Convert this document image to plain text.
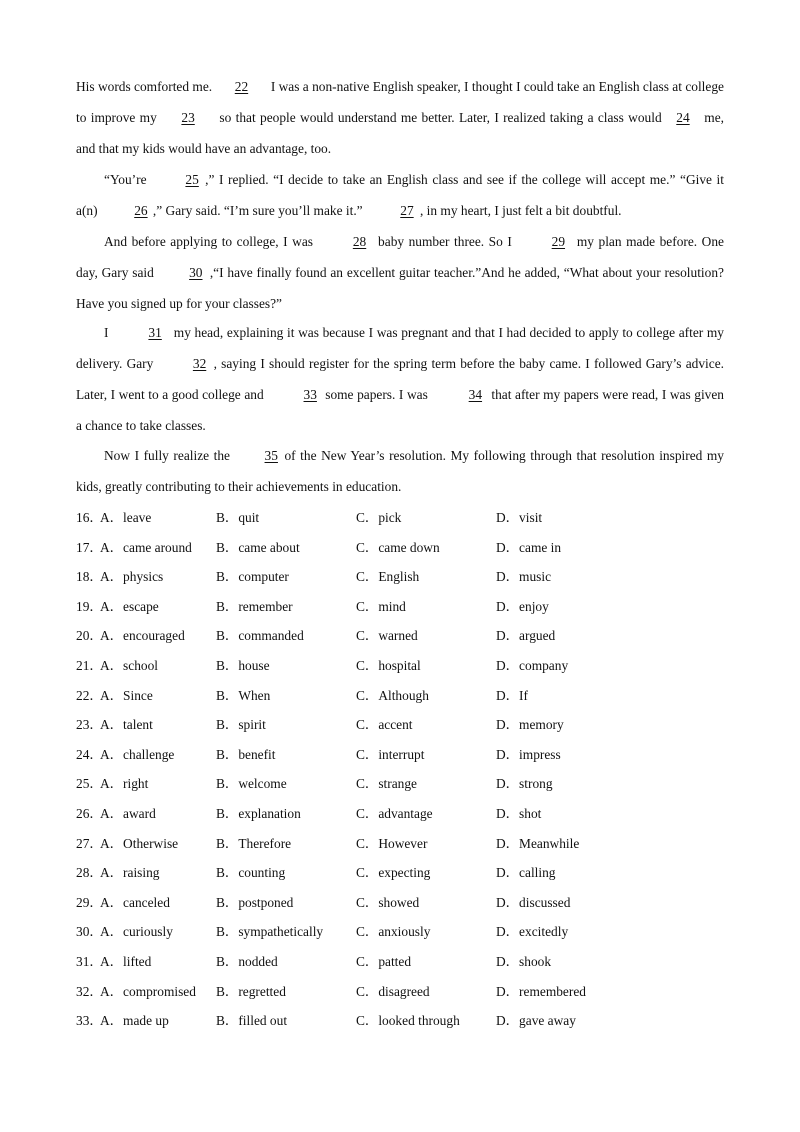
His words comforted me. 22 I was a non-native English speaker, I thought I could take an English class at college to improve my 23 so that people would understand me better. Later, I realized taking a class would 24 me, and that my kids would have an advantage, too.

“You’re	25 ,” I replied. “I decide to take an English class and see if the college will accept me.” “Give it a(n) 26 ,” Gary said. “I’m sure you’ll make it.”	27 , in my heart, I just felt a bit doubtful.

And before applying to college, I was	28 baby number three. So I	29 my plan made before. One day, Gary said	30 ,“I have finally found an excellent guitar teacher.”And he added, “What about your resolution? Have you signed up for your classes?”

I	31 my head, explaining it was because I was pregnant and that I had decided to apply to college after my delivery. Gary	32 , saying I should register for the spring term before the baby came. I followed Gary’s advice. Later, I went to a good college and	33 some papers. I was	34 that after my papers were read, I was given a chance to take classes.

Now I fully realize the 35 of the New Year’s resolution. My following through that resolution inspired my kids, greatly contributing to their achievements in education.

16．
A．leave	B．quit	C．pick	D．visit
17．
A．came around B．came about	C．came down	D．came in
18．
A．physics	B．computer	C．English	D．music
19．
A．escape	B．remember	C．mind	D．enjoy
20．
A．encouraged B．commanded	C．warned	D．argued
21．
A．school	B．house	C．hospital	D．company
22．
A．Since	B．When	C．Although	D．If
23．
A．talent	B．spirit	C．accent	D．memory
24．
A．challenge	B．benefit	C．interrupt	D．impress
25．
A．right	B．welcome	C．strange	D．strong
26．
A．award	B．explanation	C．advantage	D．shot
27．
A．Otherwise	B．Therefore	C．However	D．Meanwhile
28．
A．raising	B．counting	C．expecting	D．calling
29．
A．canceled	B．postponed	C．showed	D．discussed
30．
A．curiously	B．sympathetically C．anxiously	D．excitedly
31．
A．lifted	B．nodded	C．patted	D．shook
32．
A．compromised B．regretted	C．disagreed	D．remembered
33．
A．made up	B．filled out	C．looked through	D．gave away
